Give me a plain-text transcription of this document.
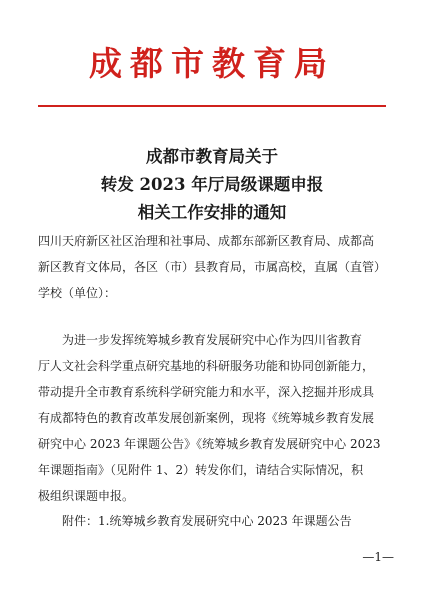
成都市教育局
成都市教育局关于
转发 2023 年厅局级课题申报
相关工作安排的通知
四川天府新区社区治理和社事局、成都东部新区教育局、成都高
新区教育文体局，各区（市）县教育局，市属高校，直属（直管）
学校（单位）：
为进一步发挥统筹城乡教育发展研究中心作为四川省教育
厅人文社会科学重点研究基地的科研服务功能和协同创新能力，
带动提升全市教育系统科学研究能力和水平，深入挖掘并形成具
有成都特色的教育改革发展创新案例，现将《统筹城乡教育发展
研究中心 2023 年课题公告》《统筹城乡教育发展研究中心 2023
年课题指南》（见附件 1、2）转发你们，请结合实际情况，积
极组织课题申报。
附件：1.统筹城乡教育发展研究中心 2023 年课题公告
—1—
